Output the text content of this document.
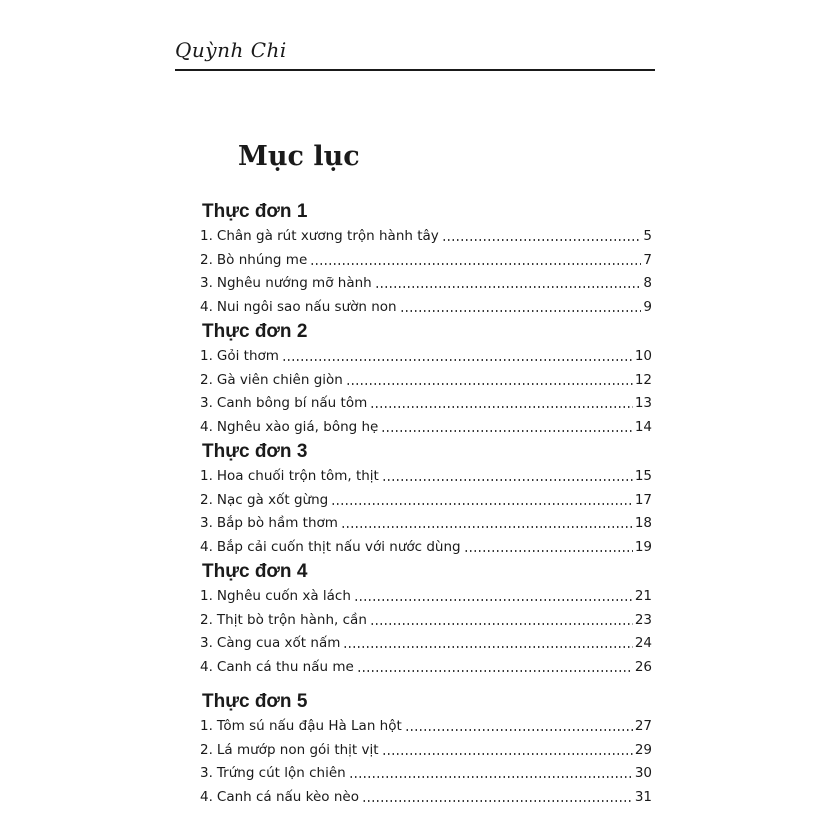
Quỳnh Chi
Mục lục
Thực đơn 1
1. Chân gà rút xương trộn hành tây	5
2. Bò nhúng me	7
3. Nghêu nướng mỡ hành	8
4. Nui ngôi sao nấu sườn non	9
Thực đơn 2
1. Gỏi thơm	10
2. Gà viên chiên giòn	12
3. Canh bông bí nấu tôm	13
4. Nghêu xào giá, bông hẹ	14
Thực đơn 3
1. Hoa chuối trộn tôm, thịt	15
2. Nạc gà xốt gừng	17
3. Bắp bò hầm thơm	18
4. Bắp cải cuốn thịt nấu với nước dùng	19
Thực đơn 4
1. Nghêu cuốn xà lách	21
2. Thịt bò trộn hành, cần	23
3. Càng cua xốt nấm	24
4. Canh cá thu nấu me	26
Thực đơn 5
1. Tôm sú nấu đậu Hà Lan hột	27
2. Lá mướp non gói thịt vịt	29
3. Trứng cút lộn chiên	30
4. Canh cá nấu kèo nèo	31
